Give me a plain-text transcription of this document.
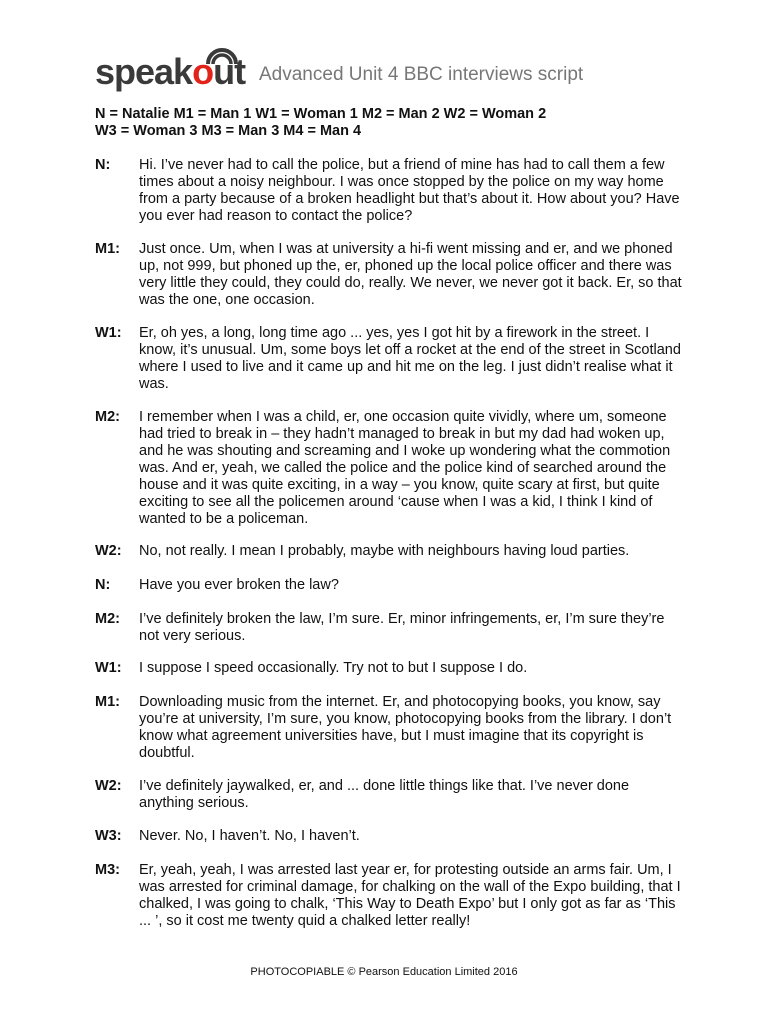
speakout Advanced Unit 4 BBC interviews script
N = Natalie M1 = Man 1 W1 = Woman 1 M2 = Man 2 W2 = Woman 2
W3 = Woman 3 M3 = Man 3 M4 = Man 4
N:	Hi. I’ve never had to call the police, but a friend of mine has had to call them a few times about a noisy neighbour. I was once stopped by the police on my way home from a party because of a broken headlight but that’s about it. How about you? Have you ever had reason to contact the police?
M1:	Just once. Um, when I was at university a hi-fi went missing and er, and we phoned up, not 999, but phoned up the, er, phoned up the local police officer and there was very little they could, they could do, really. We never, we never got it back. Er, so that was the one, one occasion.
W1:	Er, oh yes, a long, long time ago ... yes, yes I got hit by a firework in the street. I know, it’s unusual. Um, some boys let off a rocket at the end of the street in Scotland where I used to live and it came up and hit me on the leg. I just didn’t realise what it was.
M2:	I remember when I was a child, er, one occasion quite vividly, where um, someone had tried to break in – they hadn’t managed to break in but my dad had woken up, and he was shouting and screaming and I woke up wondering what the commotion was. And er, yeah, we called the police and the police kind of searched around the house and it was quite exciting, in a way – you know, quite scary at first, but quite exciting to see all the policemen around ‘cause when I was a kid, I think I kind of wanted to be a policeman.
W2:	No, not really. I mean I probably, maybe with neighbours having loud parties.
N:	Have you ever broken the law?
M2:	I’ve definitely broken the law, I’m sure. Er, minor infringements, er, I’m sure they’re not very serious.
W1:	I suppose I speed occasionally. Try not to but I suppose I do.
M1:	Downloading music from the internet. Er, and photocopying books, you know, say you’re at university, I’m sure, you know, photocopying books from the library. I don’t know what agreement universities have, but I must imagine that its copyright is doubtful.
W2:	I’ve definitely jaywalked, er, and ... done little things like that. I’ve never done anything serious.
W3:	Never. No, I haven’t. No, I haven’t.
M3:	Er, yeah, yeah, I was arrested last year er, for protesting outside an arms fair. Um, I was arrested for criminal damage, for chalking on the wall of the Expo building, that I chalked, I was going to chalk, ‘This Way to Death Expo’ but I only got as far as ‘This ... ’, so it cost me twenty quid a chalked letter really!
PHOTOCOPIABLE © Pearson Education Limited 2016
